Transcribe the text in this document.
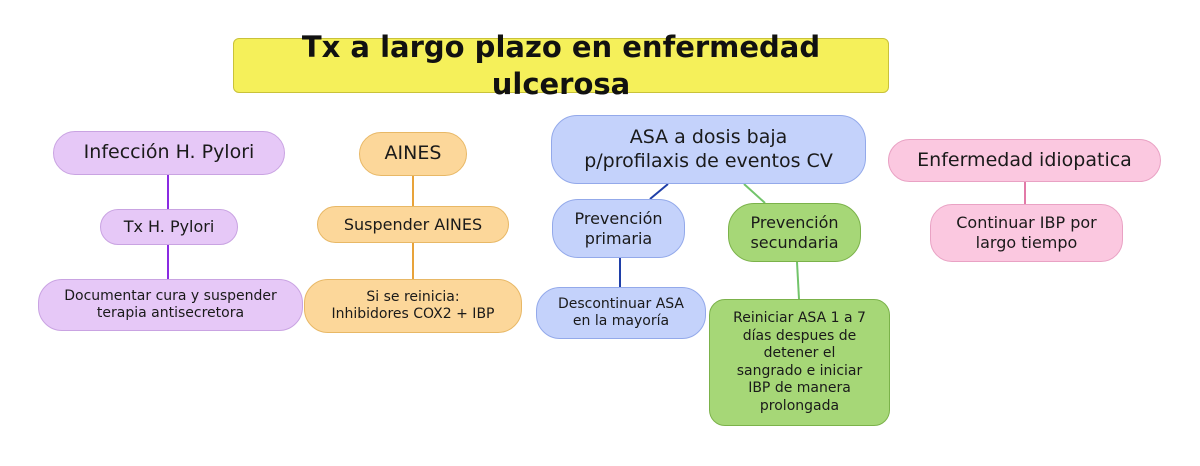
Tx a largo plazo en enfermedad ulcerosa
Infección H. Pylori
Tx H. Pylori
Documentar cura y suspender
terapia antisecretora
AINES
Suspender AINES
Si se reinicia:
Inhibidores COX2 + IBP
ASA a dosis baja
p/profilaxis de eventos CV
Prevención
primaria
Descontinuar ASA
en la mayoría
Prevención
secundaria
Reiniciar ASA 1 a 7
días despues de
detener el
sangrado e iniciar
IBP de manera
prolongada
Enfermedad idiopatica
Continuar IBP por
largo tiempo
